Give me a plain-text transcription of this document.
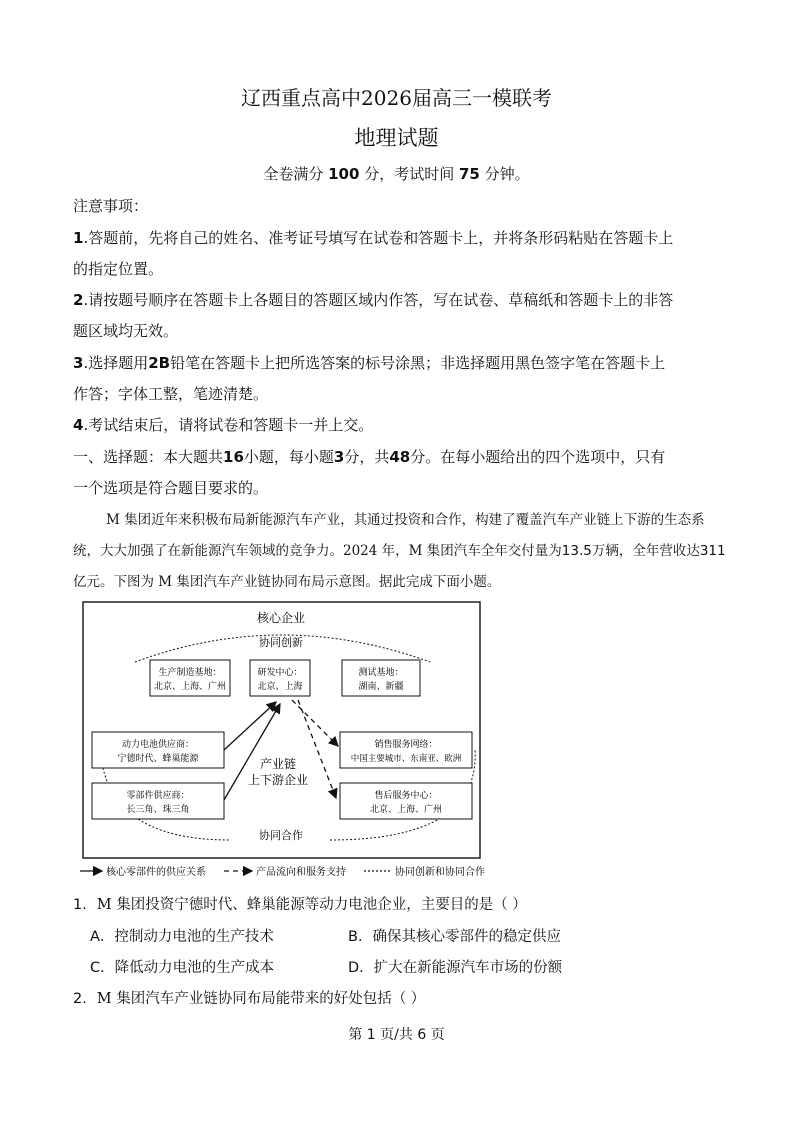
辽西重点高中2026届高三一模联考
地理试题
全卷满分 100 分，考试时间 75 分钟。
注意事项：
1.答题前，先将自己的姓名、准考证号填写在试卷和答题卡上，并将条形码粘贴在答题卡上
的指定位置。
2.请按题号顺序在答题卡上各题目的答题区域内作答，写在试卷、草稿纸和答题卡上的非答
题区域均无效。
3.选择题用2B铅笔在答题卡上把所选答案的标号涂黑；非选择题用黑色签字笔在答题卡上
作答；字体工整，笔迹清楚。
4.考试结束后，请将试卷和答题卡一并上交。
一、选择题：本大题共16小题，每小题3分，共48分。在每小题给出的四个选项中，只有
一个选项是符合题目要求的。
M 集团近年来积极布局新能源汽车产业，其通过投资和合作，构建了覆盖汽车产业链上下游的生态系
统，大大加强了在新能源汽车领域的竞争力。2024 年，M 集团汽车全年交付量为13.5万辆，全年营收达311
亿元。下图为 M 集团汽车产业链协同布局示意图。据此完成下面小题。
核心企业
协同创新
协同合作
生产制造基地：
北京、上海、广州
研发中心：
北京、上海
测试基地：
湖南、新疆
动力电池供应商：
宁德时代、蜂巢能源
零部件供应商：
长三角、珠三角
销售服务网络：
中国主要城市、东南亚、欧洲
售后服务中心：
北京、上海、广州
产业链
上下游企业
核心零部件的供应关系	产品流向和服务支持	协同创新和协同合作
1．M 集团投资宁德时代、蜂巢能源等动力电池企业，主要目的是（ ）
A．控制动力电池的生产技术	B．确保其核心零部件的稳定供应
C．降低动力电池的生产成本	D．扩大在新能源汽车市场的份额
2．M 集团汽车产业链协同布局能带来的好处包括（ ）
第 1 页/共 6 页
